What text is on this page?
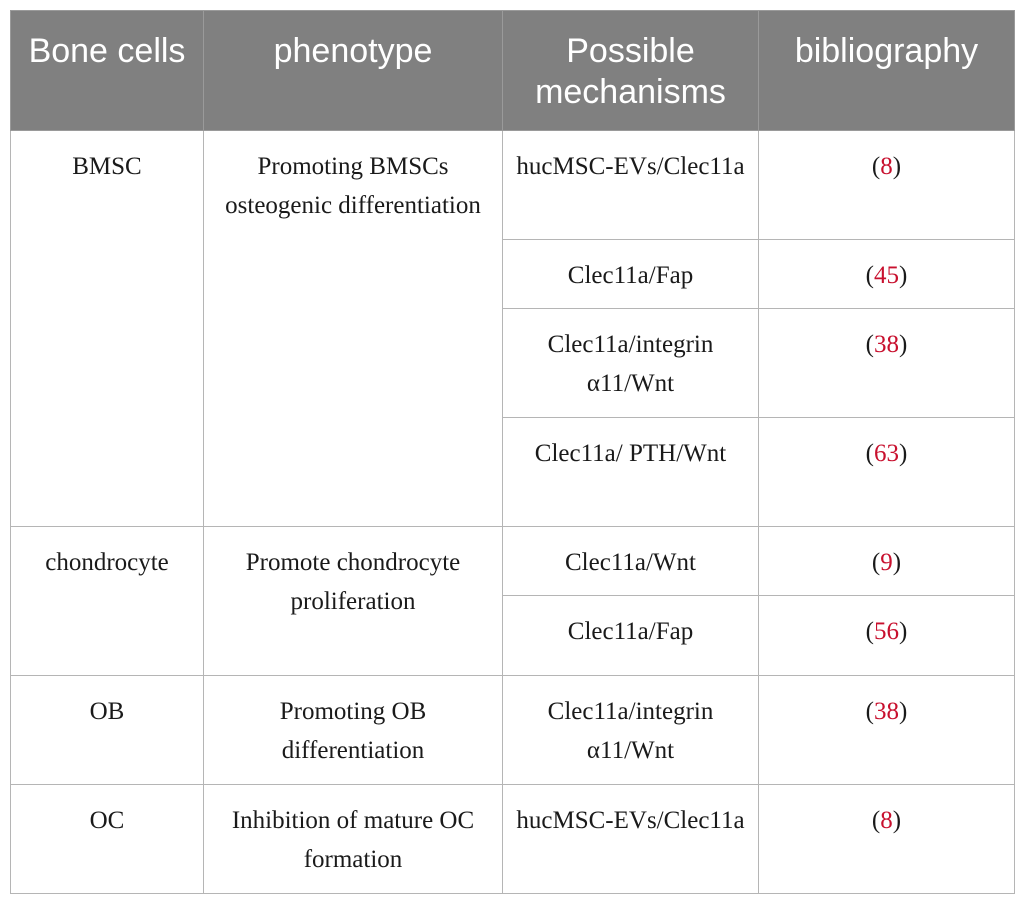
Bone cells	phenotype	Possible mechanisms	bibliography
BMSC	Promoting BMSCs osteogenic differentiation	hucMSC-EVs/Clec11a	(8)
		Clec11a/Fap	(45)
		Clec11a/integrin α11/Wnt	(38)
		Clec11a/ PTH/Wnt	(63)
chondrocyte	Promote chondrocyte proliferation	Clec11a/Wnt	(9)
		Clec11a/Fap	(56)
OB	Promoting OB differentiation	Clec11a/integrin α11/Wnt	(38)
OC	Inhibition of mature OC formation	hucMSC-EVs/Clec11a	(8)
